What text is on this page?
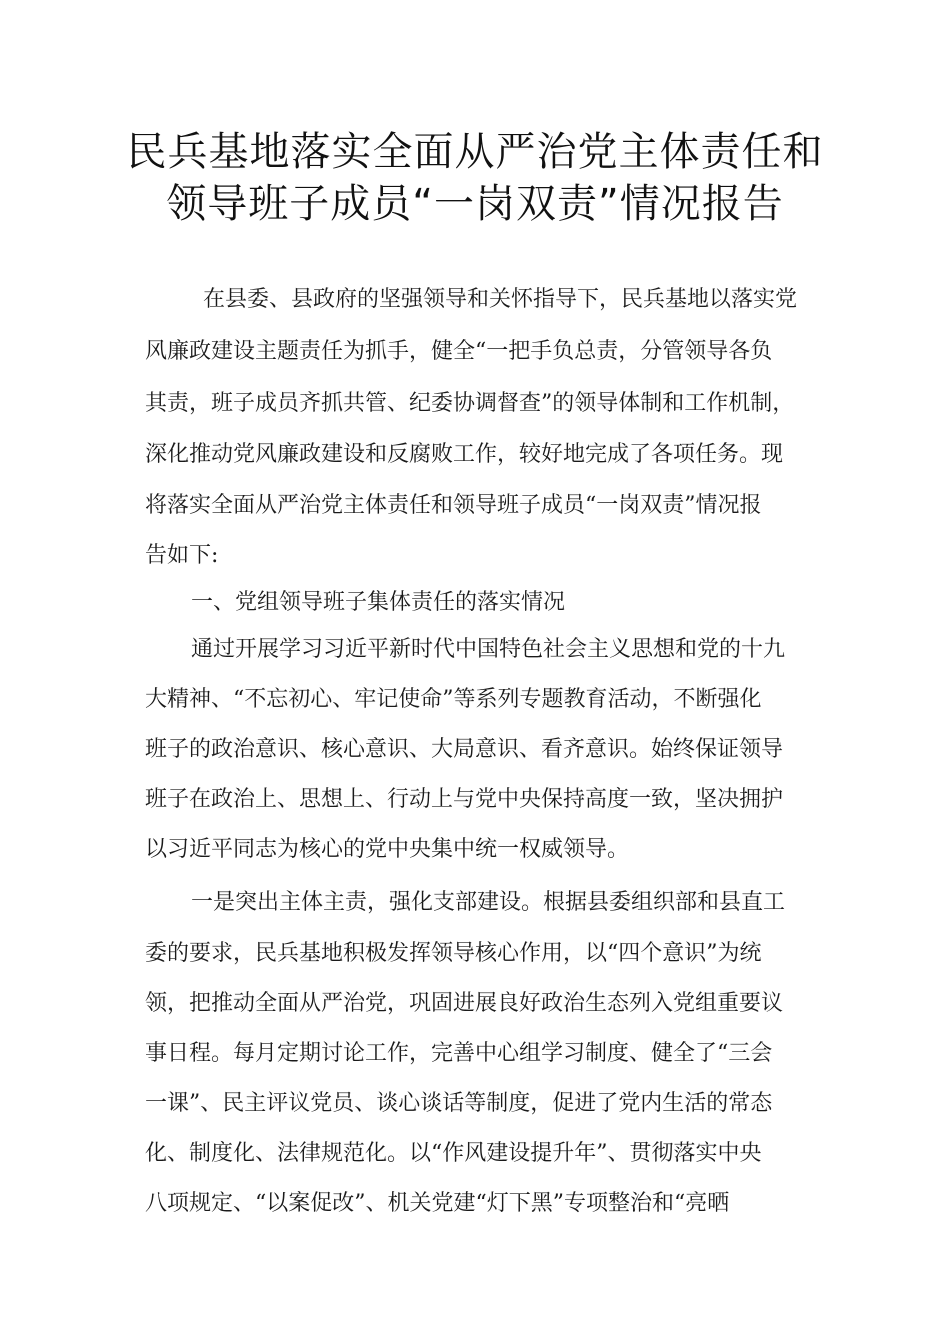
民兵基地落实全面从严治党主体责任和
领导班子成员“一岗双责”情况报告
在县委、县政府的坚强领导和关怀指导下，民兵基地以落实党
风廉政建设主题责任为抓手，健全“一把手负总责，分管领导各负
其责，班子成员齐抓共管、纪委协调督查”的领导体制和工作机制，
深化推动党风廉政建设和反腐败工作，较好地完成了各项任务。现
将落实全面从严治党主体责任和领导班子成员“一岗双责”情况报
告如下:
一、党组领导班子集体责任的落实情况
通过开展学习习近平新时代中国特色社会主义思想和党的十九
大精神、“不忘初心、牢记使命”等系列专题教育活动，不断强化
班子的政治意识、核心意识、大局意识、看齐意识。始终保证领导
班子在政治上、思想上、行动上与党中央保持高度一致，坚决拥护
以习近平同志为核心的党中央集中统一权威领导。
一是突出主体主责，强化支部建设。根据县委组织部和县直工
委的要求，民兵基地积极发挥领导核心作用，以“四个意识”为统
领，把推动全面从严治党，巩固进展良好政治生态列入党组重要议
事日程。每月定期讨论工作，完善中心组学习制度、健全了“三会
一课”、民主评议党员、谈心谈话等制度，促进了党内生活的常态
化、制度化、法律规范化。以“作风建设提升年”、贯彻落实中央
八项规定、“以案促改”、机关党建“灯下黑”专项整治和“亮晒
